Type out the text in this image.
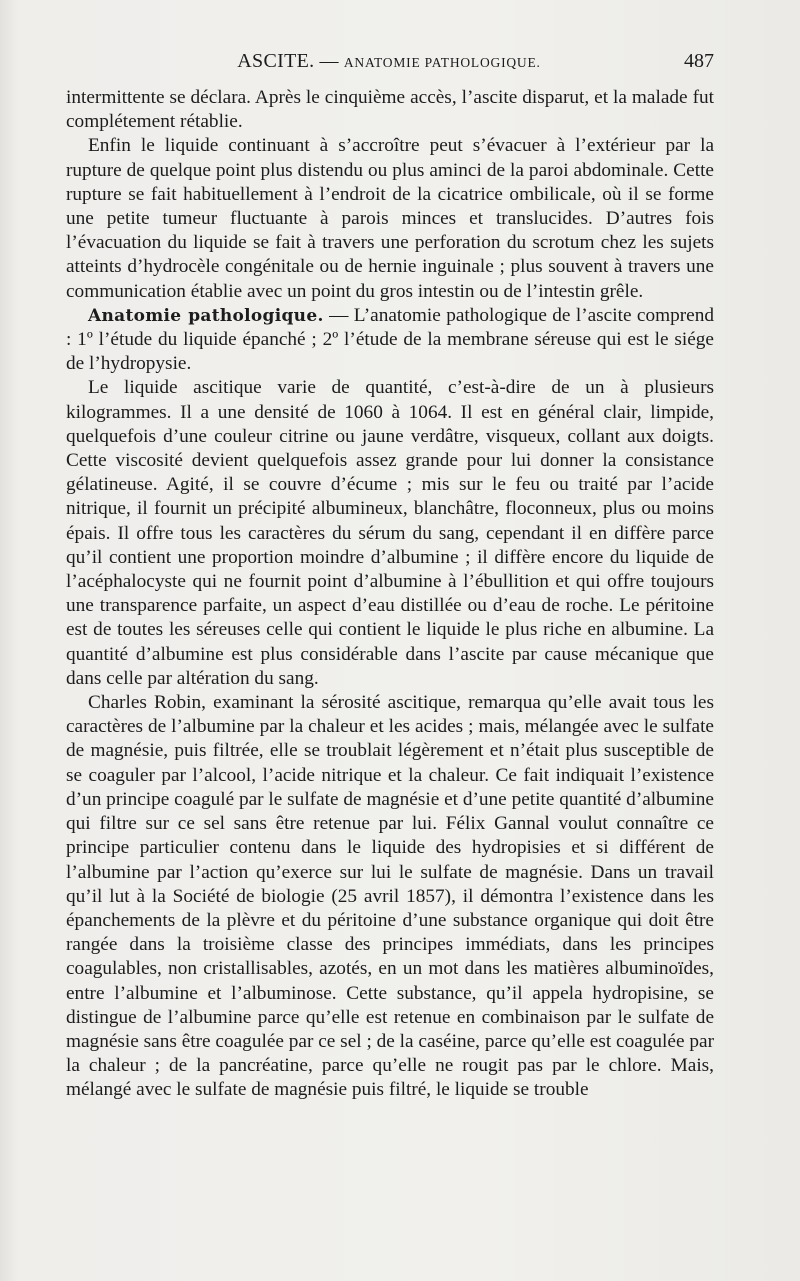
ASCITE. — ANATOMIE PATHOLOGIQUE.	487

intermittente se déclara. Après le cinquième accès, l’ascite disparut, et la malade fut complétement rétablie.

Enfin le liquide continuant à s’accroître peut s’évacuer à l’extérieur par la rupture de quelque point plus distendu ou plus aminci de la paroi abdominale. Cette rupture se fait habituellement à l’endroit de la cicatrice ombilicale, où il se forme une petite tumeur fluctuante à parois minces et translucides. D’autres fois l’évacuation du liquide se fait à travers une perforation du scrotum chez les sujets atteints d’hydrocèle congénitale ou de hernie inguinale ; plus souvent à travers une communication établie avec un point du gros intestin ou de l’intestin grêle.

Anatomie pathologique. — L’anatomie pathologique de l’ascite comprend : 1º l’étude du liquide épanché ; 2º l’étude de la membrane séreuse qui est le siége de l’hydropysie.

Le liquide ascitique varie de quantité, c’est-à-dire de un à plusieurs kilogrammes. Il a une densité de 1060 à 1064. Il est en général clair, limpide, quelquefois d’une couleur citrine ou jaune verdâtre, visqueux, collant aux doigts. Cette viscosité devient quelquefois assez grande pour lui donner la consistance gélatineuse. Agité, il se couvre d’écume ; mis sur le feu ou traité par l’acide nitrique, il fournit un précipité albumineux, blanchâtre, floconneux, plus ou moins épais. Il offre tous les caractères du sérum du sang, cependant il en diffère parce qu’il contient une proportion moindre d’albumine ; il diffère encore du liquide de l’acéphalocyste qui ne fournit point d’albumine à l’ébullition et qui offre toujours une transparence parfaite, un aspect d’eau distillée ou d’eau de roche. Le péritoine est de toutes les séreuses celle qui contient le liquide le plus riche en albumine. La quantité d’albumine est plus considérable dans l’ascite par cause mécanique que dans celle par altération du sang.

Charles Robin, examinant la sérosité ascitique, remarqua qu’elle avait tous les caractères de l’albumine par la chaleur et les acides ; mais, mélangée avec le sulfate de magnésie, puis filtrée, elle se troublait légèrement et n’était plus susceptible de se coaguler par l’alcool, l’acide nitrique et la chaleur. Ce fait indiquait l’existence d’un principe coagulé par le sulfate de magnésie et d’une petite quantité d’albumine qui filtre sur ce sel sans être retenue par lui. Félix Gannal voulut connaître ce principe particulier contenu dans le liquide des hydropisies et si différent de l’albumine par l’action qu’exerce sur lui le sulfate de magnésie. Dans un travail qu’il lut à la Société de biologie (25 avril 1857), il démontra l’existence dans les épanchements de la plèvre et du péritoine d’une substance organique qui doit être rangée dans la troisième classe des principes immédiats, dans les principes coagulables, non cristallisables, azotés, en un mot dans les matières albuminoïdes, entre l’albumine et l’albuminose. Cette substance, qu’il appela hydropisine, se distingue de l’albumine parce qu’elle est retenue en combinaison par le sulfate de magnésie sans être coagulée par ce sel ; de la caséine, parce qu’elle est coagulée par la chaleur ; de la pancréatine, parce qu’elle ne rougit pas par le chlore. Mais, mélangé avec le sulfate de magnésie puis filtré, le liquide se trouble
